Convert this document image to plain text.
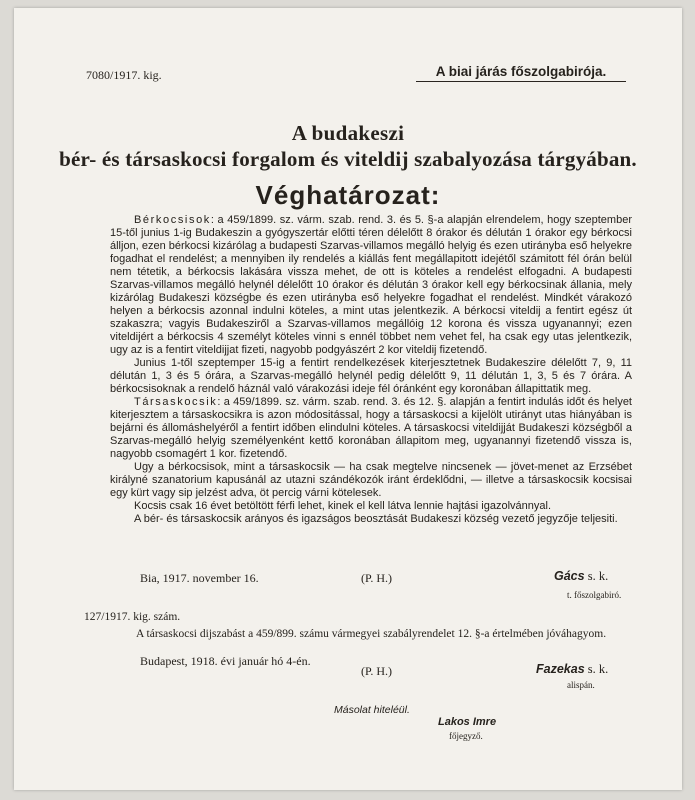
7080/1917. kig.	A biai járás főszolgabirója.
A budakeszi
bér- és társaskocsi forgalom és viteldij szabalyozása tárgyában.
Véghatározat:

Bérkocsisok: a 459/1899. sz. várm. szab. rend. 3. és 5. §-a alapján elrendelem, hogy szeptember 15-től junius 1-ig Budakeszin a gyógyszertár előtti téren délelőtt 8 órakor és délután 1 órakor egy bérkocsi álljon, ezen bérkocsi kizárólag a budapesti Szarvas-villamos megálló helyig és ezen utirányba eső helyekre fogadhat el rendelést; a mennyiben ily rendelés a kiállás fent megállapitott idejétől számitott fél órán belül nem tétetik, a bérkocsis lakására vissza mehet, de ott is köteles a rendelést elfogadni. A budapesti Szarvas-villamos megálló helynél délelőtt 10 órakor és délután 3 órakor kell egy bérkocsinak állania, mely kizárólag Budakeszi községbe és ezen utirányba eső helyekre fogadhat el rendelést. Mindkét várakozó helyen a bérkocsis azonnal indulni köteles, a mint utas jelentkezik. A bérkocsi viteldij a fentirt egész út szakaszra; vagyis Budakesziről a Szarvas-villamos megállóig 12 korona és vissza ugyanannyi; ezen viteldijért a bérkocsis 4 személyt köteles vinni s ennél többet nem vehet fel, ha csak egy utas jelentkezik, ugy az is a fentirt viteldijjat fizeti, nagyobb podgyászért 2 kor viteldij fizetendő.

Junius 1-től szeptemper 15-ig a fentirt rendelkezések kiterjesztetnek Budakeszire délelőtt 7, 9, 11 délután 1, 3 és 5 órára, a Szarvas-megálló helynél pedig délelőtt 9, 11 délután 1, 3, 5 és 7 órára. A bérkocsisoknak a rendelő háznál való várakozási ideje fél óránként egy koronában állapittatik meg.

Társaskocsik: a 459/1899. sz. várm. szab. rend. 3. és 12. §. alapján a fentirt indulás időt és helyet kiterjesztem a társaskocsikra is azon módositással, hogy a társaskocsi a kijelölt utirányt utas hiányában is bejárni és állomáshelyéről a fentirt időben elindulni köteles. A társaskocsi viteldijját Budakeszi községből a Szarvas-megálló helyig személyenként kettő koronában állapitom meg, ugyanannyi fizetendő vissza is, nagyobb csomagért 1 kor. fizetendő.

Ugy a bérkocsisok, mint a társaskocsik — ha csak megtelve nincsenek — jövet-menet az Erzsébet királyné szanatorium kapusánál az utazni szándékozók iránt érdeklődni, — illetve a társaskocsik kocsisai egy kürt vagy sip jelzést adva, öt percig várni kötelesek.

Kocsis csak 16 évet betöltött férfi lehet, kinek el kell látva lennie hajtási igazolvánnyal.

A bér- és társaskocsik arányos és igazságos beosztását Budakeszi község vezető jegyzője teljesiti.

Bia, 1917. november 16.	(P. H.)	Gács s. k.
t. főszolgabiró.
127/1917. kig. szám.
A társaskocsi dijszabást a 459/899. számu vármegyei szabályrendelet 12. §-a értelmében jóváhagyom.
Budapest, 1918. évi január hó 4-én.
(P. H.)	Fazekas s. k.
alispán.
Másolat hiteléül.
Lakos Imre
főjegyző.
